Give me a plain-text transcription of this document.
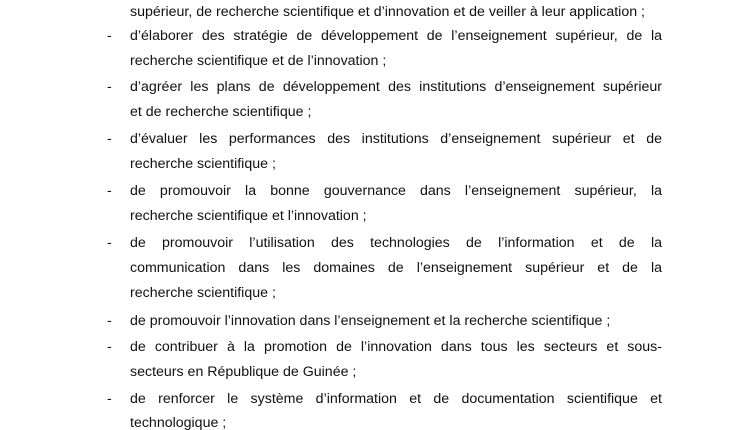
supérieur, de recherche scientifique et d’innovation et de veiller à leur application ;
-	d’élaborer des stratégie de développement de l’enseignement supérieur, de la
recherche scientifique et de l’innovation ;
-	d’agréer les plans de développement des institutions d’enseignement supérieur
et de recherche scientifique ;
-	d’évaluer les performances des institutions d’enseignement supérieur et de
recherche scientifique ;
-	de promouvoir la bonne gouvernance dans l’enseignement supérieur, la
recherche scientifique et l’innovation ;
-	de promouvoir l’utilisation des technologies de l’information et de la
communication dans les domaines de l’enseignement supérieur et de la
recherche scientifique ;
-	de promouvoir l’innovation dans l’enseignement et la recherche scientifique ;
-	de contribuer à la promotion de l’innovation dans tous les secteurs et sous-
secteurs en République de Guinée ;
-	de renforcer le système d’information et de documentation scientifique et
technologique ;
